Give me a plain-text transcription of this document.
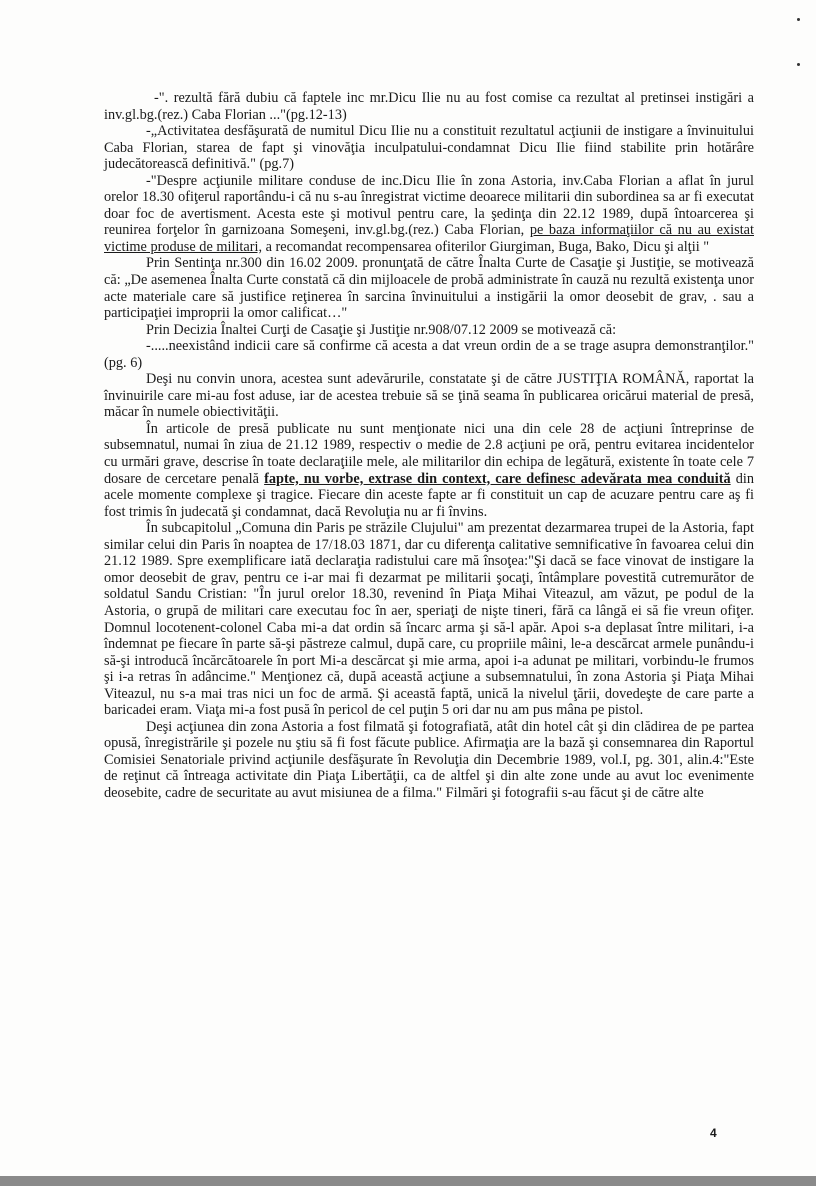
-". rezultă fără dubiu că faptele inc mr.Dicu Ilie nu au fost comise ca rezultat al pretinsei instigări a inv.gl.bg.(rez.) Caba Florian ..."(pg.12-13)

-„Activitatea desfăşurată de numitul Dicu Ilie nu a constituit rezultatul acţiunii de instigare a învinuitului Caba Florian, starea de fapt şi vinovăţia inculpatului-condamnat Dicu Ilie fiind stabilite prin hotărâre judecătorească definitivă." (pg.7)

-"Despre acţiunile militare conduse de inc.Dicu Ilie în zona Astoria, inv.Caba Florian a aflat în jurul orelor 18.30 ofiţerul raportându-i că nu s-au înregistrat victime deoarece militarii din subordinea sa ar fi executat doar foc de avertisment. Acesta este şi motivul pentru care, la şedinţa din 22.12 1989, după întoarcerea şi reunirea forţelor în garnizoana Someşeni, inv.gl.bg.(rez.) Caba Florian, pe baza informaţiilor că nu au existat victime produse de militari, a recomandat recompensarea ofiterilor Giurgiman, Buga, Bako, Dicu şi alţii "

Prin Sentinţa nr.300 din 16.02 2009. pronunţată de către Înalta Curte de Casaţie şi Justiţie, se motivează că: „De asemenea Înalta Curte constată că din mijloacele de probă administrate în cauză nu rezultă existenţa unor acte materiale care să justifice reţinerea în sarcina învinuitului a instigării la omor deosebit de grav, . sau a participaţiei improprii la omor calificat…"

Prin Decizia Înaltei Curţi de Casaţie şi Justiţie nr.908/07.12 2009 se motivează că:

-.....neexistând indicii care să confirme că acesta a dat vreun ordin de a se trage asupra demonstranţilor." (pg. 6)

Deşi nu convin unora, acestea sunt adevărurile, constatate şi de către JUSTIŢIA ROMÂNĂ, raportat la învinuirile care mi-au fost aduse, iar de acestea trebuie să se ţină seama în publicarea oricărui material de presă, măcar în numele obiectivităţii.

În articole de presă publicate nu sunt menţionate nici una din cele 28 de acţiuni întreprinse de subsemnatul, numai în ziua de 21.12 1989, respectiv o medie de 2.8 acţiuni pe oră, pentru evitarea incidentelor cu urmări grave, descrise în toate declaraţiile mele, ale militarilor din echipa de legătură, existente în toate cele 7 dosare de cercetare penală fapte, nu vorbe, extrase din context, care definesc adevărata mea conduită din acele momente complexe şi tragice. Fiecare din aceste fapte ar fi constituit un cap de acuzare pentru care aş fi fost trimis în judecată şi condamnat, dacă Revoluţia nu ar fi învins.

În subcapitolul „Comuna din Paris pe străzile Clujului" am prezentat dezarmarea trupei de la Astoria, fapt similar celui din Paris în noaptea de 17/18.03 1871, dar cu diferenţa calitative semnificative în favoarea celui din 21.12 1989. Spre exemplificare iată declaraţia radistului care mă însoţea:"Şi dacă se face vinovat de instigare la omor deosebit de grav, pentru ce i-ar mai fi dezarmat pe militarii şocaţi, întâmplare povestită cutremurător de soldatul Sandu Cristian: "În jurul orelor 18.30, revenind în Piaţa Mihai Viteazul, am văzut, pe podul de la Astoria, o grupă de militari care executau foc în aer, speriaţi de nişte tineri, fără ca lângă ei să fie vreun ofiţer. Domnul locotenent-colonel Caba mi-a dat ordin să încarc arma şi să-l apăr. Apoi s-a deplasat între militari, i-a îndemnat pe fiecare în parte să-şi păstreze calmul, după care, cu propriile mâini, le-a descărcat armele punându-i să-şi introducă încărcătoarele în port Mi-a descărcat şi mie arma, apoi i-a adunat pe militari, vorbindu-le frumos şi i-a retras în adâncime." Menţionez că, după această acţiune a subsemnatului, în zona Astoria şi Piaţa Mihai Viteazul, nu s-a mai tras nici un foc de armă. Şi această faptă, unică la nivelul ţării, dovedeşte de care parte a baricadei eram. Viaţa mi-a fost pusă în pericol de cel puţin 5 ori dar nu am pus mâna pe pistol.

Deşi acţiunea din zona Astoria a fost filmată şi fotografiată, atât din hotel cât şi din clădirea de pe partea opusă, înregistrările şi pozele nu ştiu să fi fost făcute publice. Afirmaţia are la bază şi consemnarea din Raportul Comisiei Senatoriale privind acţiunile desfăşurate în Revoluţia din Decembrie 1989, vol.I, pg. 301, alin.4:"Este de reţinut că întreaga activitate din Piaţa Libertăţii, ca de altfel şi din alte zone unde au avut loc evenimente deosebite, cadre de securitate au avut misiunea de a filma." Filmări şi fotografii s-au făcut şi de către alte

4
